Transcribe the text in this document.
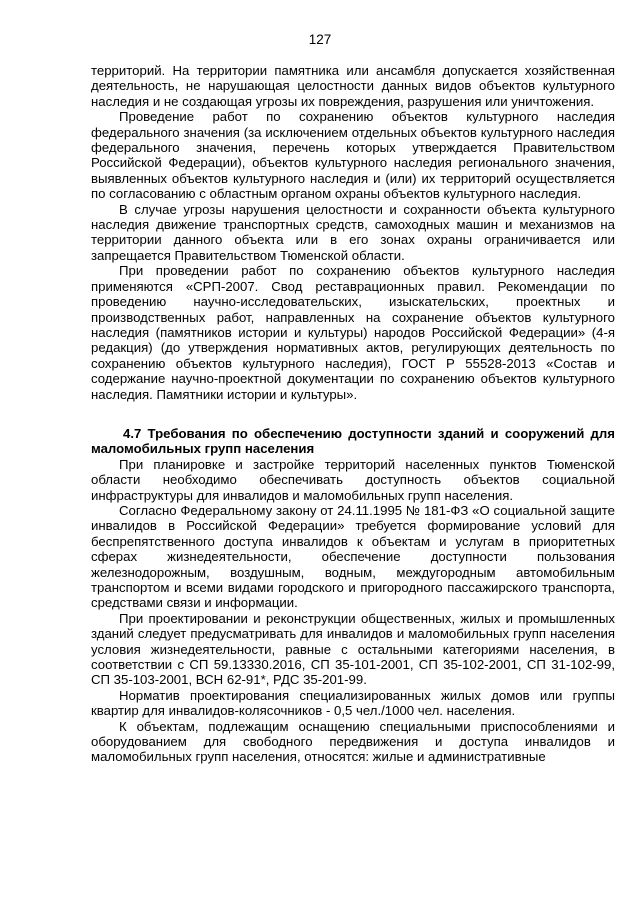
127

территорий. На территории памятника или ансамбля допускается хозяйственная деятельность, не нарушающая целостности данных видов объектов культурного наследия и не создающая угрозы их повреждения, разрушения или уничтожения.

Проведение работ по сохранению объектов культурного наследия федерального значения (за исключением отдельных объектов культурного наследия федерального значения, перечень которых утверждается Правительством Российской Федерации), объектов культурного наследия регионального значения, выявленных объектов культурного наследия и (или) их территорий осуществляется по согласованию с областным органом охраны объектов культурного наследия.

В случае угрозы нарушения целостности и сохранности объекта культурного наследия движение транспортных средств, самоходных машин и механизмов на территории данного объекта или в его зонах охраны ограничивается или запрещается Правительством Тюменской области.

При проведении работ по сохранению объектов культурного наследия применяются «СРП-2007. Свод реставрационных правил. Рекомендации по проведению научно-исследовательских, изыскательских, проектных и производственных работ, направленных на сохранение объектов культурного наследия (памятников истории и культуры) народов Российской Федерации» (4-я редакция) (до утверждения нормативных актов, регулирующих деятельность по сохранению объектов культурного наследия), ГОСТ Р 55528-2013 «Состав и содержание научно-проектной документации по сохранению объектов культурного наследия. Памятники истории и культуры».

4.7 Требования по обеспечению доступности зданий и сооружений для маломобильных групп населения

При планировке и застройке территорий населенных пунктов Тюменской области необходимо обеспечивать доступность объектов социальной инфраструктуры для инвалидов и маломобильных групп населения.

Согласно Федеральному закону от 24.11.1995 № 181-ФЗ «О социальной защите инвалидов в Российской Федерации» требуется формирование условий для беспрепятственного доступа инвалидов к объектам и услугам в приоритетных сферах жизнедеятельности, обеспечение доступности пользования железнодорожным, воздушным, водным, междугородным автомобильным транспортом и всеми видами городского и пригородного пассажирского транспорта, средствами связи и информации.

При проектировании и реконструкции общественных, жилых и промышленных зданий следует предусматривать для инвалидов и маломобильных групп населения условия жизнедеятельности, равные с остальными категориями населения, в соответствии с СП 59.13330.2016, СП 35-101-2001, СП 35-102-2001, СП 31-102-99, СП 35-103-2001, ВСН 62-91*, РДС 35-201-99.

Норматив проектирования специализированных жилых домов или группы квартир для инвалидов-колясочников - 0,5 чел./1000 чел. населения.

К объектам, подлежащим оснащению специальными приспособлениями и оборудованием для свободного передвижения и доступа инвалидов и маломобильных групп населения, относятся: жилые и административные
